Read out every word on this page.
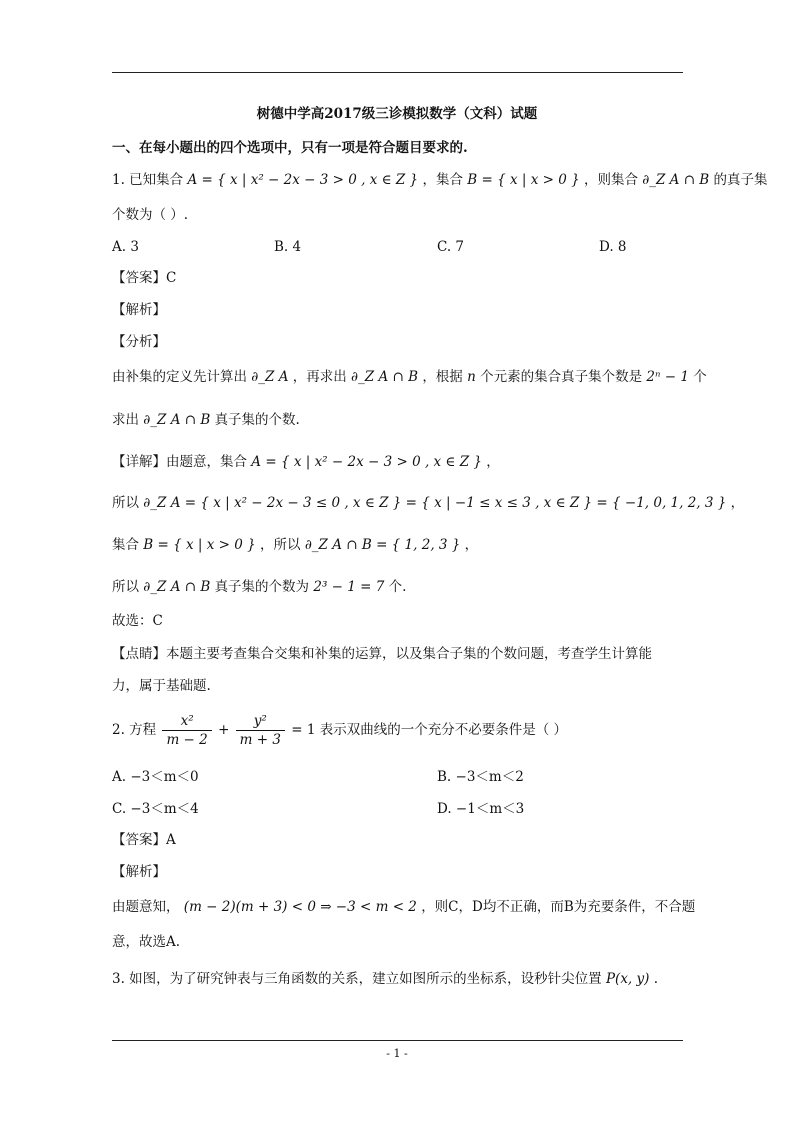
树德中学高2017级三诊模拟数学（文科）试题
一、在每小题出的四个选项中，只有一项是符合题目要求的.
1. 已知集合 A = { x | x² − 2x − 3 > 0 , x ∈ Z } ，集合 B = { x | x > 0 } ，则集合 ∂_Z A ∩ B 的真子集
个数为（ ）.
A. 3	B. 4	C. 7	D. 8
【答案】C
【解析】
【分析】
由补集的定义先计算出 ∂_Z A ，再求出 ∂_Z A ∩ B ，根据 n 个元素的集合真子集个数是 2ⁿ − 1 个
求出 ∂_Z A ∩ B 真子集的个数.
【详解】由题意，集合 A = { x | x² − 2x − 3 > 0 , x ∈ Z } ，
所以 ∂_Z A = { x | x² − 2x − 3 ≤ 0 , x ∈ Z } = { x | −1 ≤ x ≤ 3 , x ∈ Z } = { −1, 0, 1, 2, 3 } ，
集合 B = { x | x > 0 } ，所以 ∂_Z A ∩ B = { 1, 2, 3 } ，
所以 ∂_Z A ∩ B 真子集的个数为 2³ − 1 = 7 个.
故选：C
【点睛】本题主要考查集合交集和补集的运算，以及集合子集的个数问题，考查学生计算能
力，属于基础题.
2. 方程 $\frac{\text{x²}}{m - 2} + \frac{\text{y²}}{m + 3} = 1$ 表示双曲线的一个充分不必要条件是（ ）
A. −3＜m＜0	B. −3＜m＜2
C. −3＜m＜4	D. −1＜m＜3
【答案】A
【解析】
由题意知， (m − 2)(m + 3) < 0 ⇒ −3 < m < 2 ，则C，D均不正确，而B为充要条件，不合题
意，故选A.
3. 如图，为了研究钟表与三角函数的关系，建立如图所示的坐标系，设秒针尖位置 P(x, y) .
- 1 -
